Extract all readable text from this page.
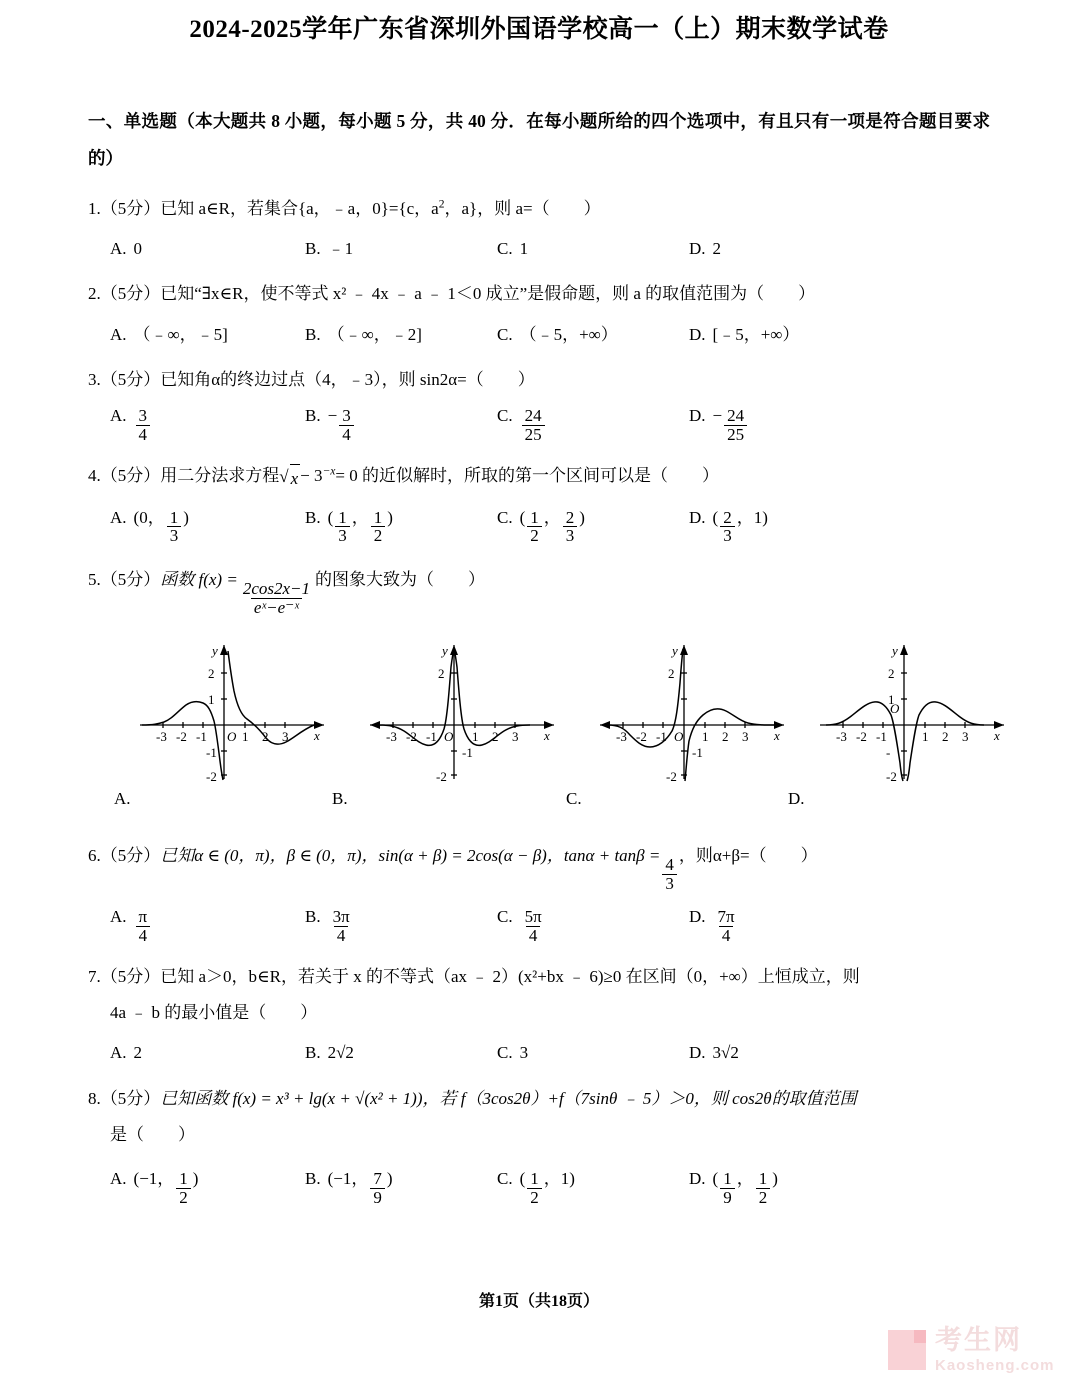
2024-2025学年广东省深圳外国语学校高一（上）期末数学试卷
一、单选题（本大题共 8 小题，每小题 5 分，共 40 分．在每小题所给的四个选项中，有且只有一项是符合题目要求的）
1.（5分）已知 a∈R，若集合{a，﹣a，0}={c，$a^2$，a}，则 a=（　　）
A. 0	B. ﹣1	C. 1	D. 2
2.（5分）已知“∃x∈R，使不等式 x² ﹣ 4x ﹣ a ﹣ 1＜0 成立”是假命题，则 a 的取值范围为（　　）
A. （﹣∞，﹣5]	B. （﹣∞，﹣2]	C. （﹣5，+∞）	D. [﹣5，+∞）
3.（5分）已知角α的终边过点（4，﹣3），则 sin2α=（　　）
A. $\frac{3}{4}$	B. − $\frac{3}{4}$	C. $\frac{24}{25}$	D. − $\frac{24}{25}$
4.（5分）用二分法求方程 √ $x - 3^{-x}= 0$ 的近似解时，所取的第一个区间可以是（　　）
A. (0， $\frac{1}{3}$ )	B. ( $\frac{1}{3}$ ， $\frac{1}{2}$ )	C. ( $\frac{1}{2}$ ， $\frac{2}{3}$ )	D. ( $\frac{2}{3}$ ，1 )
5.（5分）函数 f(x) =
$\frac{2\cos 2x-1}{\text{eˣ−e⁻ˣ}}$
的图象大致为（　　）
-3 -2 -1 O 1 2 3 x
y
2
1
-1
-2
-3 -2 -1 O 1 2 3 x
y
2
-1
-2
-3 -2 -1 O 1 2 3 x
y
2
-1
-2
-3 -2 -1
O
1 2 3 x
y
2
1
-
-2
A.	B.	C.	D.
6.（5分）已知α ∈ (0，π)，β ∈ (0，π)，sin(α + β) = 2cos(α − β)，tanα + tanβ =
$\frac{4}{3}$
，则α+β=（　　）
A. $\frac{\pi}{4}$	B. $\frac{3\pi}{4}$	C. $\frac{5\pi}{4}$	D. $\frac{7\pi}{4}$
7.（5分）已知 a＞0，b∈R，若关于 x 的不等式（ax ﹣ 2）(x²+bx ﹣ 6)≥0 在区间（0，+∞）上恒成立，则
4a ﹣ b 的最小值是（　　）
A. 2	B. 2√2	C. 3	D. 3√2
8.（5分）已知函数 f(x) = x³ + lg(x + √(x² + 1))，若 f（3cos2θ）+f（7sinθ ﹣ 5）＞0，则 cos2θ的取值范围
是（　　）
A. (−1， $\frac{1}{2}$ )	B. (−1， $\frac{7}{9}$ )	C. ( $\frac{1}{2}$ ，1 )	D. ( $\frac{1}{9}$ ， $\frac{1}{2}$ )
第1页（共18页）
考生网
Kaosheng.com
